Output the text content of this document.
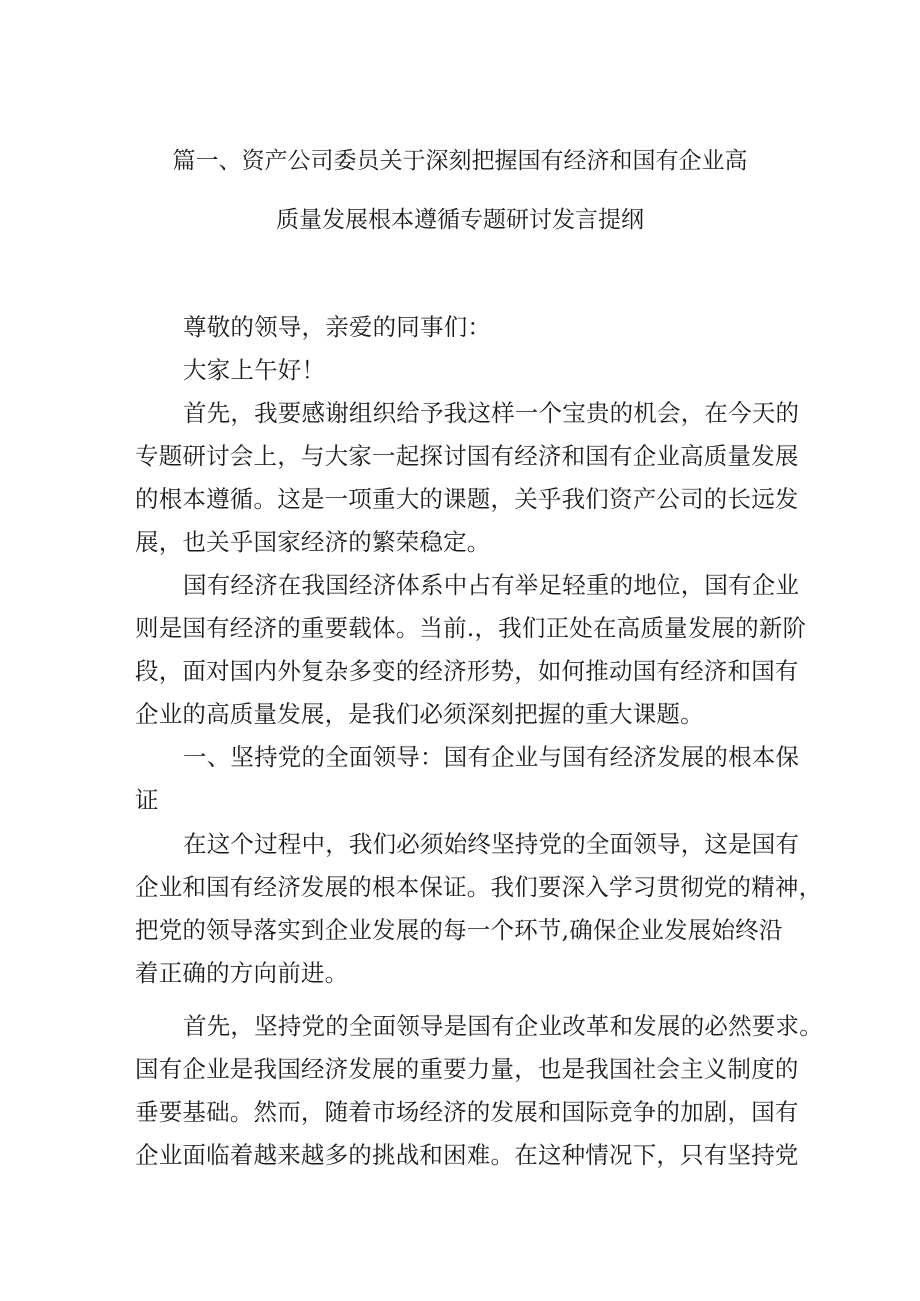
篇一、资产公司委员关于深刻把握国有经济和国有企业高
质量发展根本遵循专题研讨发言提纲
尊敬的领导，亲爱的同事们：
大家上午好！
首先，我要感谢组织给予我这样一个宝贵的机会，在今天的
专题研讨会上，与大家一起探讨国有经济和国有企业高质量发展
的根本遵循。这是一项重大的课题，关乎我们资产公司的长远发
展，也关乎国家经济的繁荣稳定。
国有经济在我国经济体系中占有举足轻重的地位，国有企业
则是国有经济的重要载体。当前.，我们正处在高质量发展的新阶
段，面对国内外复杂多变的经济形势，如何推动国有经济和国有
企业的高质量发展，是我们必须深刻把握的重大课题。
一、坚持党的全面领导：国有企业与国有经济发展的根本保
证
在这个过程中，我们必须始终坚持党的全面领导，这是国有
企业和国有经济发展的根本保证。我们要深入学习贯彻党的精神，
把党的领导落实到企业发展的每一个环节,确保企业发展始终沿
着正确的方向前进。
首先，坚持党的全面领导是国有企业改革和发展的必然要求。
国有企业是我国经济发展的重要力量，也是我国社会主义制度的
垂要基础。然而，随着市场经济的发展和国际竞争的加剧，国有
企业面临着越来越多的挑战和困难。在这种情况下，只有坚持党
